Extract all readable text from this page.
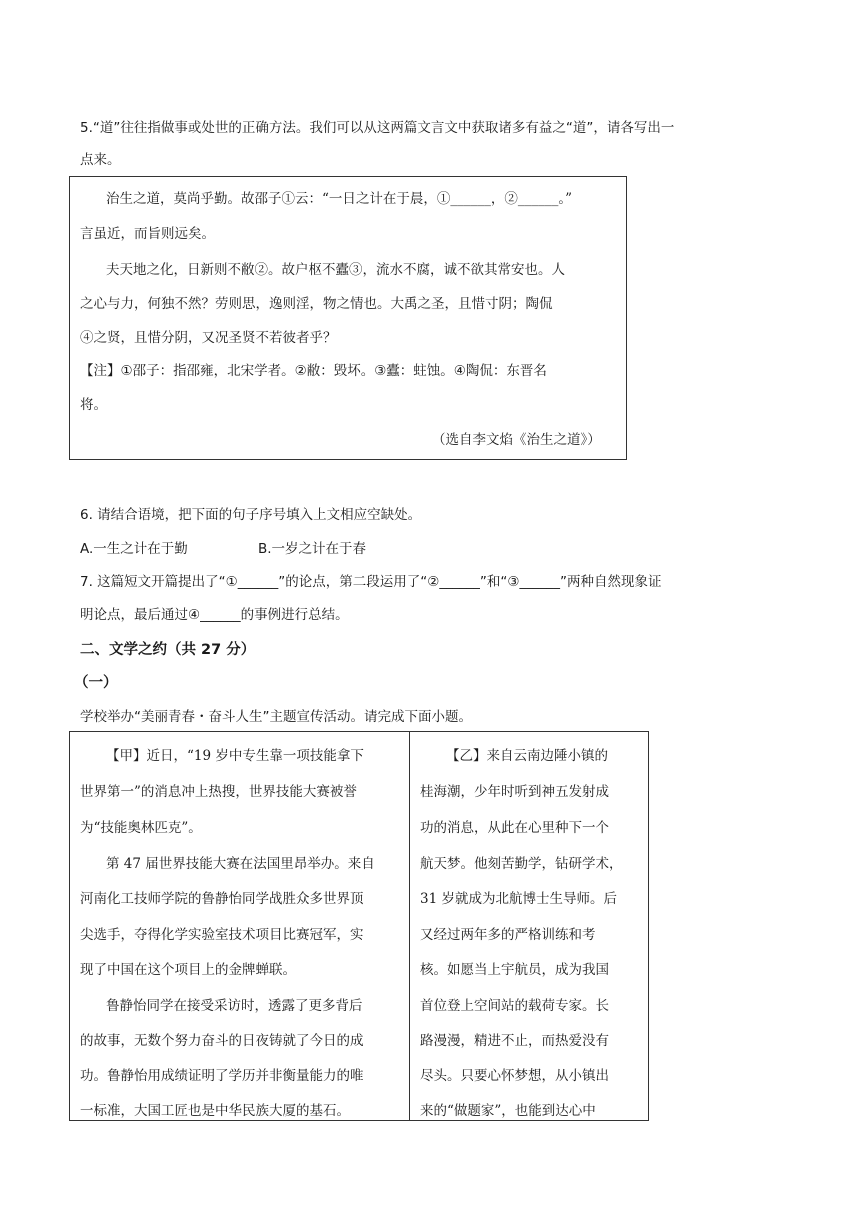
5.“道”往往指做事或处世的正确方法。我们可以从这两篇文言文中获取诸多有益之“道”，请各写出一
点来。
治生之道，莫尚乎勤。故邵子①云：“一日之计在于晨，①______，②______。”
言虽近，而旨则远矣。
夫天地之化，日新则不敝②。故户枢不蠹③，流水不腐，诚不欲其常安也。人
之心与力，何独不然？劳则思，逸则淫，物之情也。大禹之圣，且惜寸阴；陶侃
④之贤，且惜分阴，又况圣贤不若彼者乎？
【注】①邵子：指邵雍，北宋学者。②敝：毁坏。③蠹：蛀蚀。④陶侃：东晋名
将。
（选自李文焰《治生之道》）
6. 请结合语境，把下面的句子序号填入上文相应空缺处。
A.一生之计在于勤	B.一岁之计在于春
7. 这篇短文开篇提出了“①______”的论点，第二段运用了“②______”和“③______”两种自然现象证
明论点，最后通过④______的事例进行总结。
二、文学之约（共 27 分）
（一）
学校举办“美丽青春・奋斗人生”主题宣传活动。请完成下面小题。
【甲】近日，“19 岁中专生靠一项技能拿下
世界第一”的消息冲上热搜，世界技能大赛被誉
为“技能奥林匹克”。
第 47 届世界技能大赛在法国里昂举办。来自
河南化工技师学院的鲁静怡同学战胜众多世界顶
尖选手，夺得化学实验室技术项目比赛冠军，实
现了中国在这个项目上的金牌蝉联。
鲁静怡同学在接受采访时，透露了更多背后
的故事，无数个努力奋斗的日夜铸就了今日的成
功。鲁静怡用成绩证明了学历并非衡量能力的唯
一标准，大国工匠也是中华民族大厦的基石。
【乙】来自云南边陲小镇的
桂海潮，少年时听到神五发射成
功的消息，从此在心里种下一个
航天梦。他刻苦勤学，钻研学术，
31 岁就成为北航博士生导师。后
又经过两年多的严格训练和考
核。如愿当上宇航员，成为我国
首位登上空间站的载荷专家。长
路漫漫，精进不止，而热爱没有
尽头。只要心怀梦想，从小镇出
来的“做题家”，也能到达心中
